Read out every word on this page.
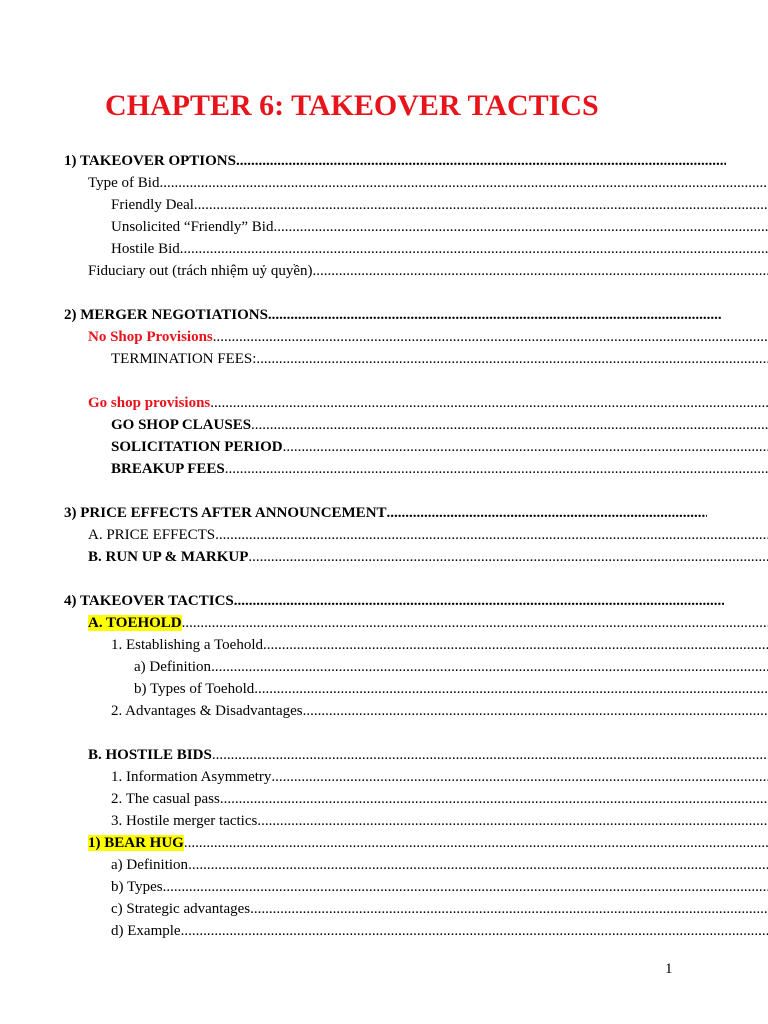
CHAPTER 6: TAKEOVER TACTICS
1) TAKEOVER OPTIONS
.....
Type of Bid
.....
Friendly Deal
.....
Unsolicited “Friendly” Bid
.....
Hostile Bid
.....
Fiduciary out (trách nhiệm uỷ quyền)
.....
2) MERGER NEGOTIATIONS
.....
No Shop Provisions
.....
TERMINATION FEES:
.....
Go shop provisions
.....
GO SHOP CLAUSES
.....
SOLICITATION PERIOD
.....
BREAKUP FEES
.....
3) PRICE EFFECTS AFTER ANNOUNCEMENT
.....
A. PRICE EFFECTS
.....
B. RUN UP & MARKUP
.....
4) TAKEOVER TACTICS
.....
A. TOEHOLD
.....
1. Establishing a Toehold
.....
a) Definition
.....
b) Types of Toehold
.....
2. Advantages & Disadvantages
.....
B. HOSTILE BIDS
.....
1. Information Asymmetry
.....
2. The casual pass
.....
3. Hostile merger tactics
.....
1) BEAR HUG
.....
a) Definition
.....
b) Types
.....
c) Strategic advantages
.....
d) Example
.....
1
